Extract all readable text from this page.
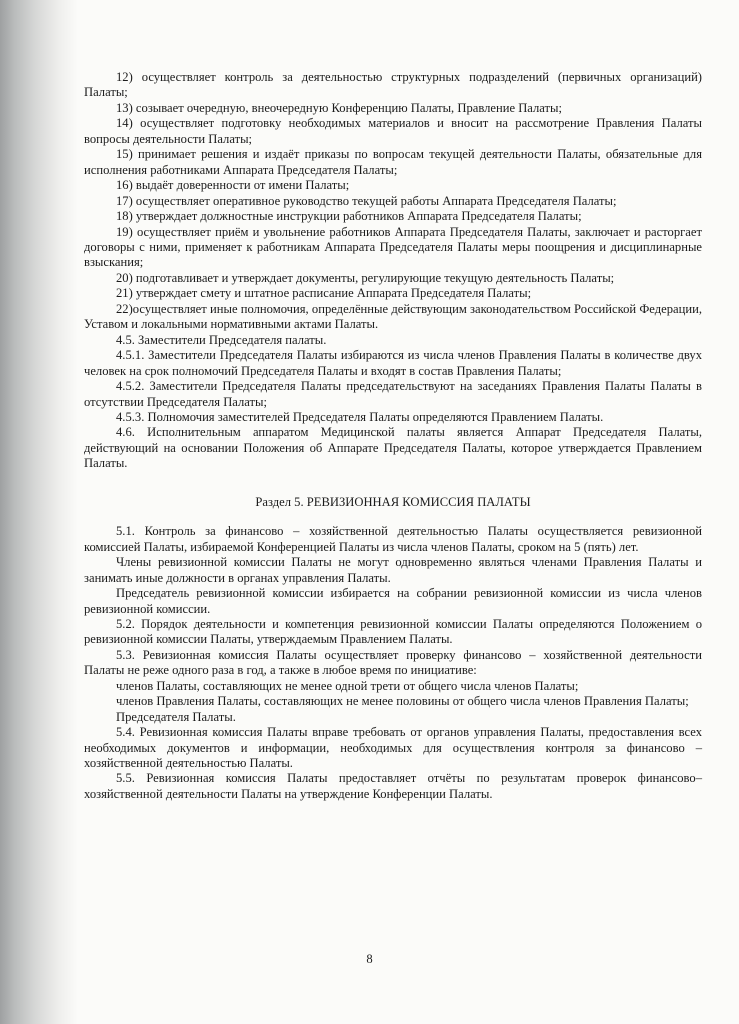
12) осуществляет контроль за деятельностью структурных подразделений (первичных организаций) Палаты;

13) созывает очередную, внеочередную Конференцию Палаты, Правление Палаты;

14) осуществляет подготовку необходимых материалов и вносит на рассмотрение Правления Палаты вопросы деятельности Палаты;

15) принимает решения и издаёт приказы по вопросам текущей деятельности Палаты, обязательные для исполнения работниками Аппарата Председателя Палаты;

16) выдаёт доверенности от имени Палаты;

17) осуществляет оперативное руководство текущей работы Аппарата Председателя Палаты;

18) утверждает должностные инструкции работников Аппарата Председателя Палаты;

19) осуществляет приём и увольнение работников Аппарата Председателя Палаты, заключает и расторгает договоры с ними, применяет к работникам Аппарата Председателя Палаты меры поощрения и дисциплинарные взыскания;

20) подготавливает и утверждает документы, регулирующие текущую деятельность Палаты;

21) утверждает смету и штатное расписание Аппарата Председателя Палаты;

22)осуществляет иные полномочия, определённые действующим законодательством Российской Федерации, Уставом и локальными нормативными актами Палаты.

4.5. Заместители Председателя палаты.

4.5.1. Заместители Председателя Палаты избираются из числа членов Правления Палаты в количестве двух человек на срок полномочий Председателя Палаты и входят в состав Правления Палаты;

4.5.2. Заместители Председателя Палаты председательствуют на заседаниях Правления Палаты Палаты в отсутствии Председателя Палаты;

4.5.3. Полномочия заместителей Председателя Палаты определяются Правлением Палаты.

4.6. Исполнительным аппаратом Медицинской палаты является Аппарат Председателя Палаты, действующий на основании Положения об Аппарате Председателя Палаты, которое утверждается Правлением Палаты.

Раздел 5. РЕВИЗИОННАЯ КОМИССИЯ ПАЛАТЫ

5.1. Контроль за финансово – хозяйственной деятельностью Палаты осуществляется ревизионной комиссией Палаты, избираемой Конференцией Палаты из числа членов Палаты, сроком на 5 (пять) лет.

Члены ревизионной комиссии Палаты не могут одновременно являться членами Правления Палаты и занимать иные должности в органах управления Палаты.

Председатель ревизионной комиссии избирается на собрании ревизионной комиссии из числа членов ревизионной комиссии.

5.2. Порядок деятельности и компетенция ревизионной комиссии Палаты определяются Положением о ревизионной комиссии Палаты, утверждаемым Правлением Палаты.

5.3. Ревизионная комиссия Палаты осуществляет проверку финансово – хозяйственной деятельности Палаты не реже одного раза в год, а также в любое время по инициативе:

членов Палаты, составляющих не менее одной трети от общего числа членов Палаты;

членов Правления Палаты, составляющих не менее половины от общего числа членов Правления Палаты;

Председателя Палаты.

5.4. Ревизионная комиссия Палаты вправе требовать от органов управления Палаты, предоставления всех необходимых документов и информации, необходимых для осуществления контроля за финансово – хозяйственной деятельностью Палаты.

5.5. Ревизионная комиссия Палаты предоставляет отчёты по результатам проверок финансово–хозяйственной деятельности Палаты на утверждение Конференции Палаты.

8
